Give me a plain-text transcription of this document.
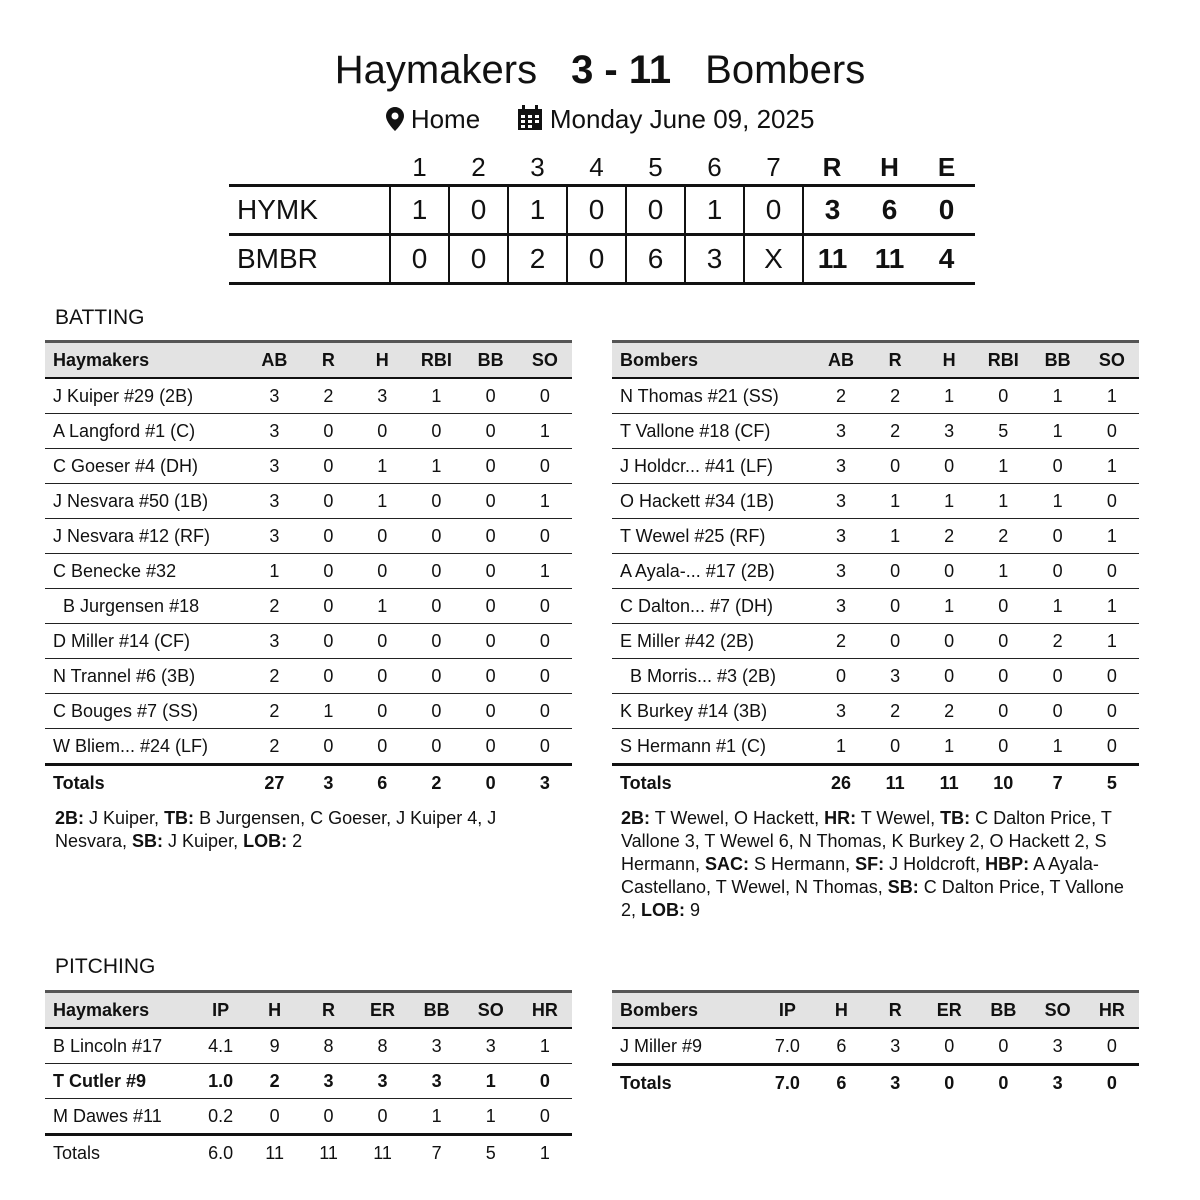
Haymakers 3 - 11 Bombers
Home	Monday June 09, 2025
	1	2	3	4	5	6	7	R	H	E
HYMK	1	0	1	0	0	1	0	3	6	0
BMBR	0	0	2	0	6	3	X	11	11	4
BATTING
Haymakers	AB	R	H	RBI	BB	SO
J Kuiper #29 (2B)	3	2	3	1	0	0
A Langford #1 (C)	3	0	0	0	0	1
C Goeser #4 (DH)	3	0	1	1	0	0
J Nesvara #50 (1B)	3	0	1	0	0	1
J Nesvara #12 (RF)	3	0	0	0	0	0
C Benecke #32	1	0	0	0	0	1
B Jurgensen #18	2	0	1	0	0	0
D Miller #14 (CF)	3	0	0	0	0	0
N Trannel #6 (3B)	2	0	0	0	0	0
C Bouges #7 (SS)	2	1	0	0	0	0
W Bliem... #24 (LF)	2	0	0	0	0	0
Totals	27	3	6	2	0	3
Bombers	AB	R	H	RBI	BB	SO
N Thomas #21 (SS)	2	2	1	0	1	1
T Vallone #18 (CF)	3	2	3	5	1	0
J Holdcr... #41 (LF)	3	0	0	1	0	1
O Hackett #34 (1B)	3	1	1	1	1	0
T Wewel #25 (RF)	3	1	2	2	0	1
A Ayala-... #17 (2B)	3	0	0	1	0	0
C Dalton... #7 (DH)	3	0	1	0	1	1
E Miller #42 (2B)	2	0	0	0	2	1
B Morris... #3 (2B)	0	3	0	0	0	0
K Burkey #14 (3B)	3	2	2	0	0	0
S Hermann #1 (C)	1	0	1	0	1	0
Totals	26	11	11	10	7	5
2B: J Kuiper, TB: B Jurgensen, C Goeser, J Kuiper 4, J Nesvara, SB: J Kuiper, LOB: 2
2B: T Wewel, O Hackett, HR: T Wewel, TB: C Dalton Price, T Vallone 3, T Wewel 6, N Thomas, K Burkey 2, O Hackett 2, S Hermann, SAC: S Hermann, SF: J Holdcroft, HBP: A Ayala-Castellano, T Wewel, N Thomas, SB: C Dalton Price, T Vallone 2, LOB: 9
PITCHING
Haymakers	IP	H	R	ER	BB	SO	HR
B Lincoln #17	4.1	9	8	8	3	3	1
T Cutler #9	1.0	2	3	3	3	1	0
M Dawes #11	0.2	0	0	0	1	1	0
Totals	6.0	11	11	11	7	5	1
Bombers	IP	H	R	ER	BB	SO	HR
J Miller #9	7.0	6	3	0	0	3	0
Totals	7.0	6	3	0	0	3	0
